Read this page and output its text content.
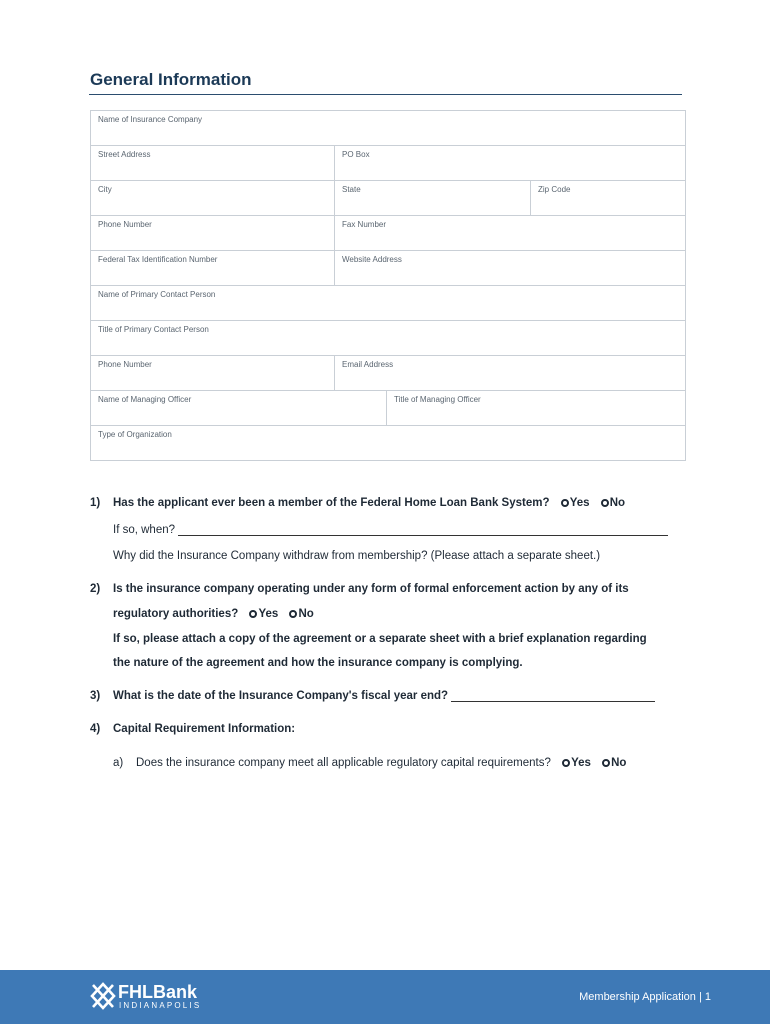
General Information
Name of Insurance Company
Street Address	PO Box
City	State	Zip Code
Phone Number	Fax Number
Federal Tax Identification Number	Website Address
Name of Primary Contact Person
Title of Primary Contact Person
Phone Number	Email Address
Name of Managing Officer	Title of Managing Officer
Type of Organization
1) Has the applicant ever been a member of the Federal Home Loan Bank System? Yes No
If so, when?
Why did the Insurance Company withdraw from membership? (Please attach a separate sheet.)
2) Is the insurance company operating under any form of formal enforcement action by any of its
regulatory authorities? Yes No
If so, please attach a copy of the agreement or a separate sheet with a brief explanation regarding
the nature of the agreement and how the insurance company is complying.
3) What is the date of the Insurance Company's fiscal year end?
4) Capital Requirement Information:
a) Does the insurance company meet all applicable regulatory capital requirements? Yes No
FHLBank
INDIANAPOLIS
Membership Application | 1
